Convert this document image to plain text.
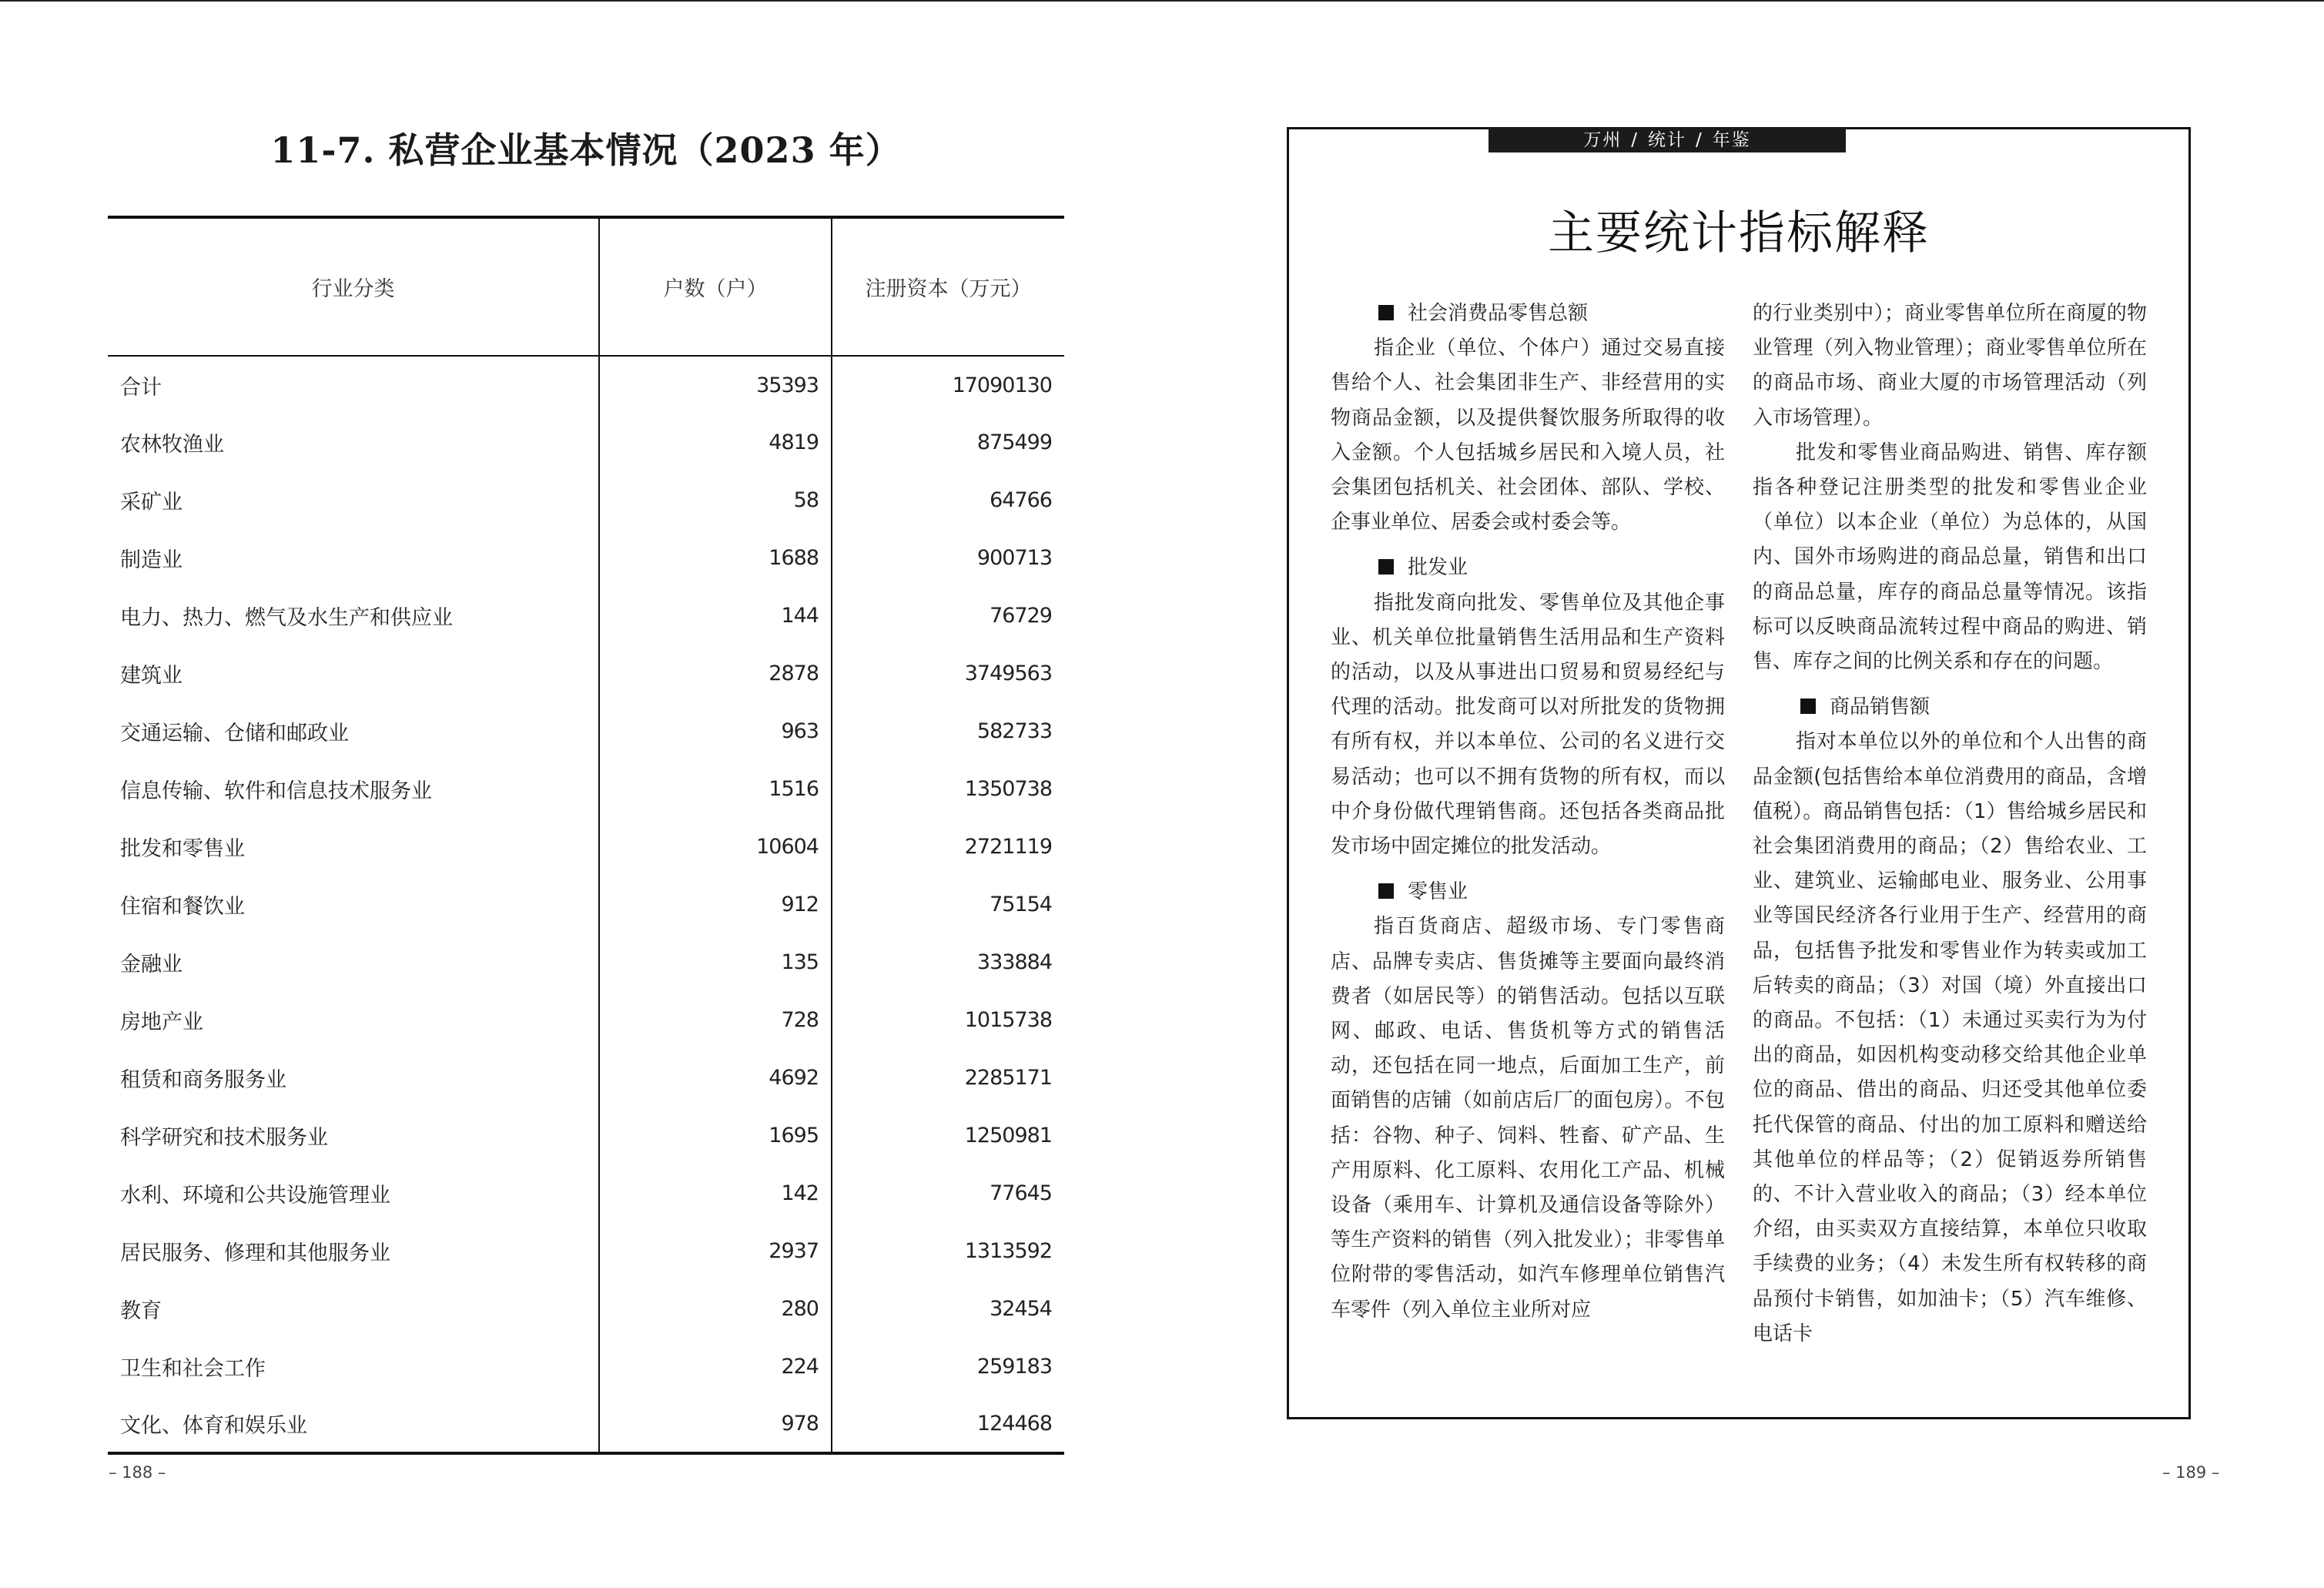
11-7. 私营企业基本情况（2023 年）
行业分类	户数（户）	注册资本（万元）
合计	35393	17090130
农林牧渔业	4819	875499
采矿业	58	64766
制造业	1688	900713
电力、热力、燃气及水生产和供应业	144	76729
建筑业	2878	3749563
交通运输、仓储和邮政业	963	582733
信息传输、软件和信息技术服务业	1516	1350738
批发和零售业	10604	2721119
住宿和餐饮业	912	75154
金融业	135	333884
房地产业	728	1015738
租赁和商务服务业	4692	2285171
科学研究和技术服务业	1695	1250981
水利、环境和公共设施管理业	142	77645
居民服务、修理和其他服务业	2937	1313592
教育	280	32454
卫生和社会工作	224	259183
文化、体育和娱乐业	978	124468
– 188 –
万州 / 统计 / 年鉴
主要统计指标解释

社会消费品零售总额

指企业（单位、个体户）通过交易直接售给个人、社会集团非生产、非经营用的实物商品金额，以及提供餐饮服务所取得的收入金额。个人包括城乡居民和入境人员，社会集团包括机关、社会团体、部队、学校、企事业单位、居委会或村委会等。

批发业

指批发商向批发、零售单位及其他企事业、机关单位批量销售生活用品和生产资料的活动，以及从事进出口贸易和贸易经纪与代理的活动。批发商可以对所批发的货物拥有所有权，并以本单位、公司的名义进行交易活动；也可以不拥有货物的所有权，而以中介身份做代理销售商。还包括各类商品批发市场中固定摊位的批发活动。

零售业

指百货商店、超级市场、专门零售商店、品牌专卖店、售货摊等主要面向最终消费者（如居民等）的销售活动。包括以互联网、邮政、电话、售货机等方式的销售活动，还包括在同一地点，后面加工生产，前面销售的店铺（如前店后厂的面包房）。不包括：谷物、种子、饲料、牲畜、矿产品、生产用原料、化工原料、农用化工产品、机械设备（乘用车、计算机及通信设备等除外）等生产资料的销售（列入批发业）；非零售单位附带的零售活动，如汽车修理单位销售汽车零件（列入单位主业所对应

的行业类别中）；商业零售单位所在商厦的物业管理（列入物业管理）；商业零售单位所在的商品市场、商业大厦的市场管理活动（列入市场管理）。

批发和零售业商品购进、销售、库存额 指各种登记注册类型的批发和零售业企业（单位）以本企业（单位）为总体的，从国内、国外市场购进的商品总量，销售和出口的商品总量，库存的商品总量等情况。该指标可以反映商品流转过程中商品的购进、销售、库存之间的比例关系和存在的问题。

商品销售额

指对本单位以外的单位和个人出售的商品金额(包括售给本单位消费用的商品，含增值税）。商品销售包括：（1）售给城乡居民和社会集团消费用的商品；（2）售给农业、工业、建筑业、运输邮电业、服务业、公用事业等国民经济各行业用于生产、经营用的商品，包括售予批发和零售业作为转卖或加工后转卖的商品；（3）对国（境）外直接出口的商品。不包括：（1）未通过买卖行为为付出的商品，如因机构变动移交给其他企业单位的商品、借出的商品、归还受其他单位委托代保管的商品、付出的加工原料和赠送给其他单位的样品等；（2）促销返券所销售的、不计入营业收入的商品；（3）经本单位介绍，由买卖双方直接结算，本单位只收取手续费的业务；（4）未发生所有权转移的商品预付卡销售，如加油卡；（5）汽车维修、电话卡

– 189 –
